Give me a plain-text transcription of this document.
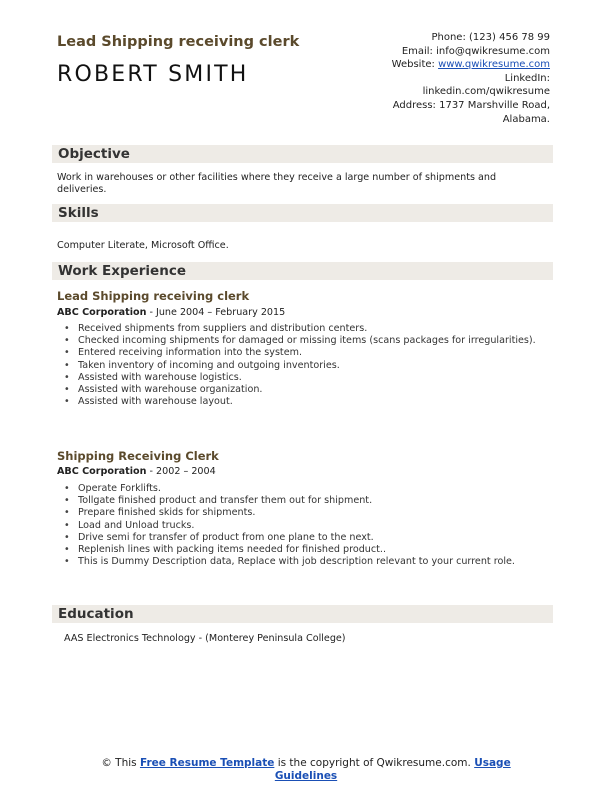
Lead Shipping receiving clerk
ROBERT SMITH
Phone: (123) 456 78 99
Email: info@qwikresume.com
Website: www.qwikresume.com
LinkedIn:
linkedin.com/qwikresume
Address: 1737 Marshville Road,
Alabama.
Objective
Work in warehouses or other facilities where they receive a large number of shipments and deliveries.
Skills
Computer Literate, Microsoft Office.
Work Experience
Lead Shipping receiving clerk
ABC Corporation - June 2004 – February 2015
• Received shipments from suppliers and distribution centers.
• Checked incoming shipments for damaged or missing items (scans packages for irregularities).
• Entered receiving information into the system.
• Taken inventory of incoming and outgoing inventories.
• Assisted with warehouse logistics.
• Assisted with warehouse organization.
• Assisted with warehouse layout.
Shipping Receiving Clerk
ABC Corporation - 2002 – 2004
• Operate Forklifts.
• Tollgate finished product and transfer them out for shipment.
• Prepare finished skids for shipments.
• Load and Unload trucks.
• Drive semi for transfer of product from one plane to the next.
• Replenish lines with packing items needed for finished product..
• This is Dummy Description data, Replace with job description relevant to your current role.
Education
AAS Electronics Technology - (Monterey Peninsula College)
© This Free Resume Template is the copyright of Qwikresume.com. Usage
Guidelines
